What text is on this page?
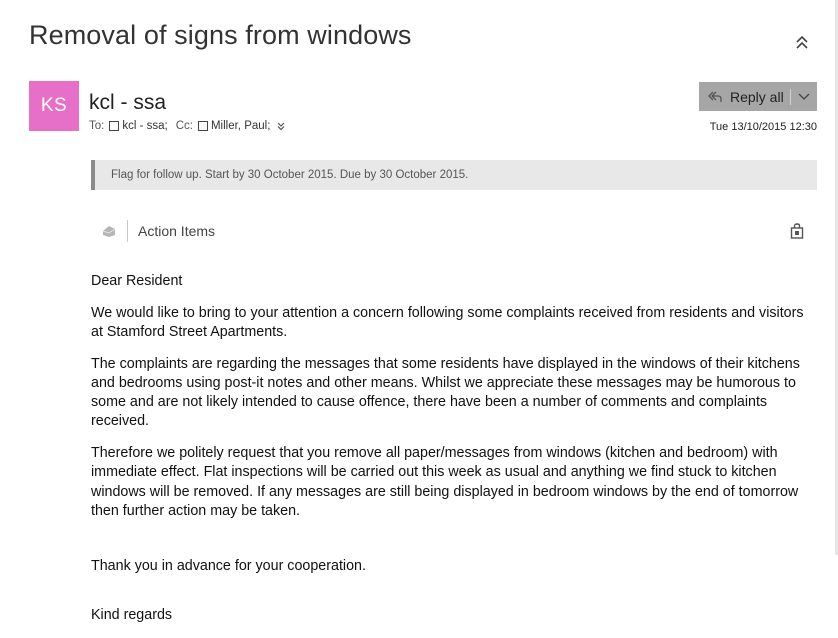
Removal of signs from windows
KS kcl - ssa
To: kcl - ssa; Cc: Miller, Paul;
Reply all
Tue 13/10/2015 12:30
Flag for follow up. Start by 30 October 2015. Due by 30 October 2015.
Action Items

Dear Resident

We would like to bring to your attention a concern following some complaints received from residents and visitors at Stamford Street Apartments.

The complaints are regarding the messages that some residents have displayed in the windows of their kitchens and bedrooms using post-it notes and other means. Whilst we appreciate these messages may be humorous to some and are not likely intended to cause offence, there have been a number of comments and complaints received.

Therefore we politely request that you remove all paper/messages from windows (kitchen and bedroom) with immediate effect. Flat inspections will be carried out this week as usual and anything we find stuck to kitchen windows will be removed. If any messages are still being displayed in bedroom windows by the end of tomorrow then further action may be taken.

Thank you in advance for your cooperation.

Kind regards
